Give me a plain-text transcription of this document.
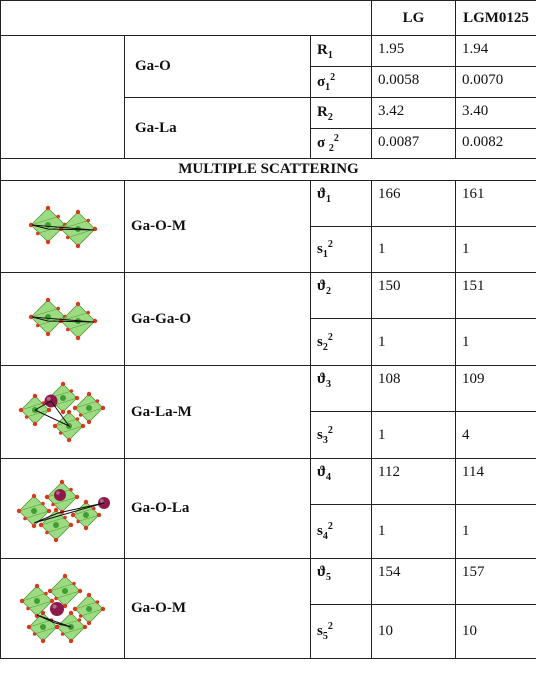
			LG	LGM0125
	Ga-O	$R_1$	1.95	1.94
		$\sigma_1^2$	0.0058	0.0070
	Ga-La	$R_2$	3.42	3.40
		σ $_2^2$	0.0087	0.0082
MULTIPLE SCATTERING				

	Ga-O-M	$ϑ_1$	166	161
		$s_1^2$	1	1

	Ga-Ga-O	$ϑ_2$	150	151
		$s_2^2$	1	1

	Ga-La-M	$ϑ_3$	108	109
		$s_3^2$	1	4

	Ga-O-La	$ϑ_4$	112	114
		$s_4^2$	1	1

	Ga-O-M	$ϑ_5$	154	157
		$s_5^2$	10	10
